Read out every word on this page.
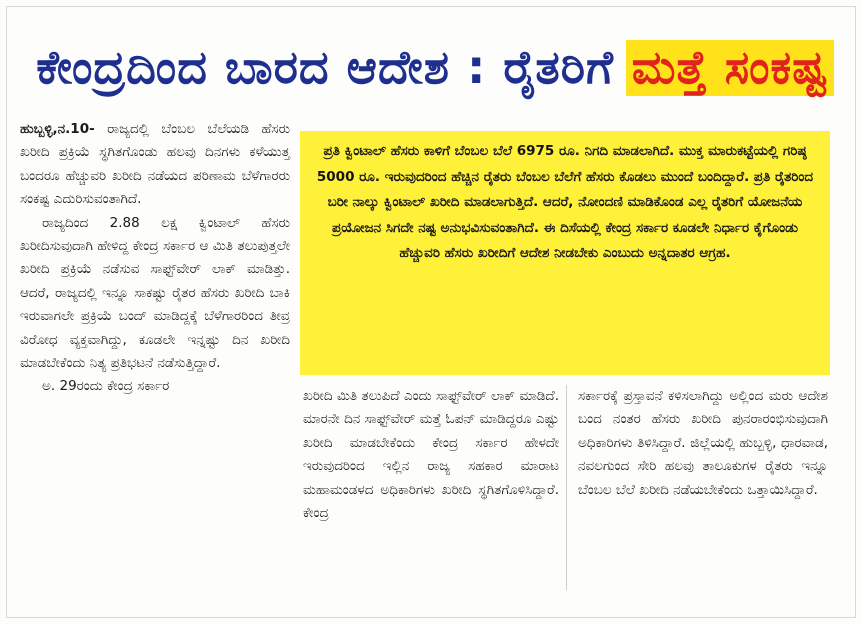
ಕೇಂದ್ರದಿಂದ ಬಾರದ ಆದೇಶ : ರೈತರಿಗೆ ಮತ್ತೆ ಸಂಕಷ್ಟ

ಹುಬ್ಬಳ್ಳಿ,ನ.10- ರಾಜ್ಯದಲ್ಲಿ ಬೆಂಬಲ ಬೆಲೆಯಡಿ ಹೆಸರು ಖರೀದಿ ಪ್ರಕ್ರಿಯೆ ಸ್ಥಗಿತಗೊಂಡು ಹಲವು ದಿನಗಳು ಕಳೆಯುತ್ತ ಬಂದರೂ ಹೆಚ್ಚುವರಿ ಖರೀದಿ ನಡೆಯದ ಪರಿಣಾಮ ಬೆಳೆಗಾರರು ಸಂಕಷ್ಟ ಎದುರಿಸುವಂತಾಗಿದೆ.

ರಾಜ್ಯದಿಂದ 2.88 ಲಕ್ಷ ಕ್ವಿಂಟಾಲ್ ಹೆಸರು ಖರೀದಿಸುವುದಾಗಿ ಹೇಳಿದ್ದ ಕೇಂದ್ರ ಸರ್ಕಾರ ಆ ಮಿತಿ ತಲುಪುತ್ತಲೇ ಖರೀದಿ ಪ್ರಕ್ರಿಯೆ ನಡೆಸುವ ಸಾಫ್ಟ್‌ವೇರ್ ಲಾಕ್ ಮಾಡಿತ್ತು. ಆದರೆ, ರಾಜ್ಯದಲ್ಲಿ ಇನ್ನೂ ಸಾಕಷ್ಟು ರೈತರ ಹೆಸರು ಖರೀದಿ ಬಾಕಿ ಇರುವಾಗಲೇ ಪ್ರಕ್ರಿಯೆ ಬಂದ್ ಮಾಡಿದ್ದಕ್ಕೆ ಬೆಳೆಗಾರರಿಂದ ತೀವ್ರ ವಿರೋಧ ವ್ಯಕ್ತವಾಗಿದ್ದು, ಕೂಡಲೇ ಇನ್ನಷ್ಟು ದಿನ ಖರೀದಿ ಮಾಡಬೇಕೆಂದು ನಿತ್ಯ ಪ್ರತಿಭಟನೆ ನಡೆಸುತ್ತಿದ್ದಾರೆ.

ಅ. 29ರಂದು ಕೇಂದ್ರ ಸರ್ಕಾರ

ಪ್ರತಿ ಕ್ವಿಂಟಾಲ್ ಹೆಸರು ಕಾಳಿಗೆ ಬೆಂಬಲ ಬೆಲೆ 6975 ರೂ. ನಿಗದಿ ಮಾಡಲಾಗಿದೆ. ಮುಕ್ತ ಮಾರುಕಟ್ಟೆಯಲ್ಲಿ ಗರಿಷ್ಠ 5000 ರೂ. ಇರುವುದರಿಂದ ಹೆಚ್ಚಿನ ರೈತರು ಬೆಂಬಲ ಬೆಲೆಗೆ ಹೆಸರು ಕೊಡಲು ಮುಂದೆ ಬಂದಿದ್ದಾರೆ. ಪ್ರತಿ ರೈತರಿಂದ ಬರೀ ನಾಲ್ಕು ಕ್ವಿಂಟಾಲ್ ಖರೀದಿ ಮಾಡಲಾಗುತ್ತಿದೆ. ಆದರೆ, ನೋಂದಣಿ ಮಾಡಿಕೊಂಡ ಎಲ್ಲ ರೈತರಿಗೆ ಯೋಜನೆಯ ಪ್ರಯೋಜನ ಸಿಗದೇ ನಷ್ಟ ಅನುಭವಿಸುವಂತಾಗಿದೆ. ಈ ದಿಸೆಯಲ್ಲಿ ಕೇಂದ್ರ ಸರ್ಕಾರ ಕೂಡಲೇ ನಿರ್ಧಾರ ಕೈಗೊಂಡು ಹೆಚ್ಚುವರಿ ಹೆಸರು ಖರೀದಿಗೆ ಆದೇಶ ನೀಡಬೇಕು ಎಂಬುದು ಅನ್ನದಾತರ ಆಗ್ರಹ.

ಖರೀದಿ ಮಿತಿ ತಲುಪಿದೆ ಎಂದು ಸಾಫ್ಟ್‌ವೇರ್ ಲಾಕ್ ಮಾಡಿದೆ. ಮಾರನೇ ದಿನ ಸಾಫ್ಟ್‌ವೇರ್ ಮತ್ತೆ ಓಪನ್ ಮಾಡಿದ್ದರೂ ಎಷ್ಟು ಖರೀದಿ ಮಾಡಬೇಕೆಂದು ಕೇಂದ್ರ ಸರ್ಕಾರ ಹೇಳದೇ ಇರುವುದರಿಂದ ಇಲ್ಲಿನ ರಾಜ್ಯ ಸಹಕಾರ ಮಾರಾಟ ಮಹಾಮಂಡಳದ ಅಧಿಕಾರಿಗಳು ಖರೀದಿ ಸ್ಥಗಿತಗೊಳಿಸಿದ್ದಾರೆ. ಕೇಂದ್ರ

ಸರ್ಕಾರಕ್ಕೆ ಪ್ರಸ್ತಾವನೆ ಕಳಿಸಲಾಗಿದ್ದು ಅಲ್ಲಿಂದ ಮರು ಆದೇಶ ಬಂದ ನಂತರ ಹೆಸರು ಖರೀದಿ ಪುನರಾರಂಭಿಸುವುದಾಗಿ ಅಧಿಕಾರಿಗಳು ತಿಳಿಸಿದ್ದಾರೆ. ಜಿಲ್ಲೆಯಲ್ಲಿ ಹುಬ್ಬಳ್ಳಿ, ಧಾರವಾಡ, ನವಲಗುಂದ ಸೇರಿ ಹಲವು ತಾಲೂಕುಗಳ ರೈತರು ಇನ್ನೂ ಬೆಂಬಲ ಬೆಲೆ ಖರೀದಿ ನಡೆಯಬೇಕೆಂದು ಒತ್ತಾಯಿಸಿದ್ದಾರೆ.
